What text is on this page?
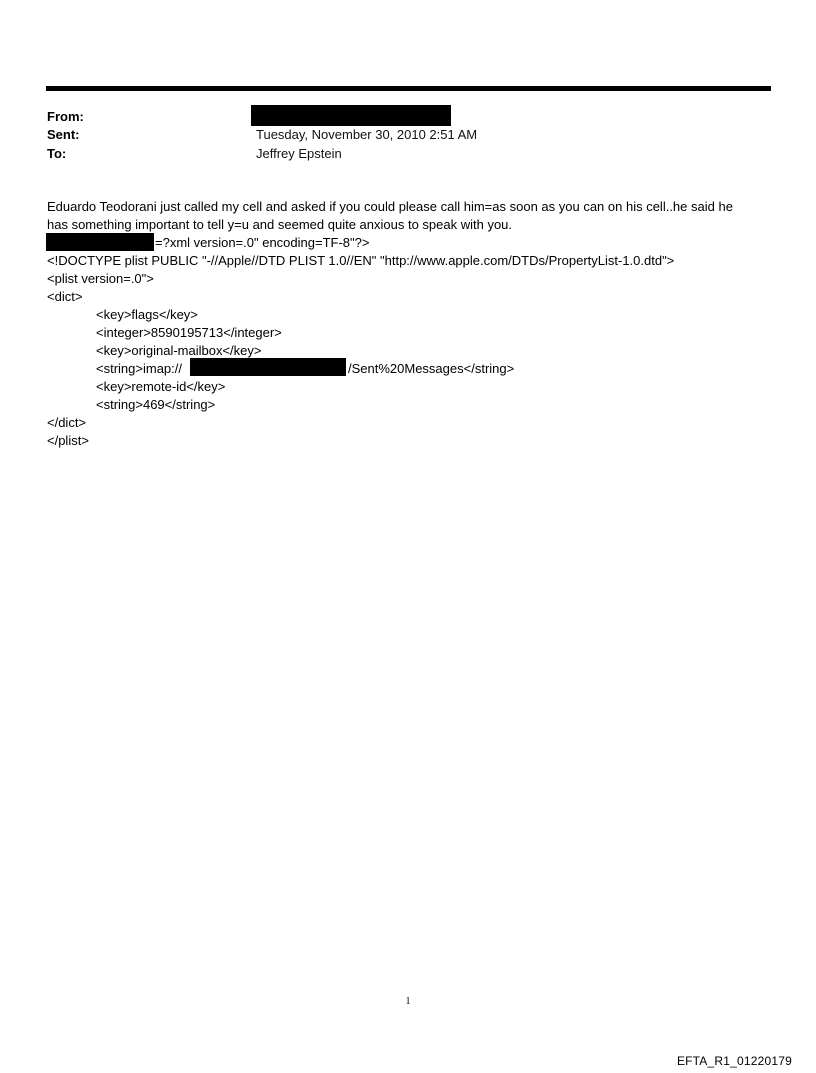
From:
Sent:	Tuesday, November 30, 2010 2:51 AM
To:	Jeffrey Epstein
Eduardo Teodorani just called my cell and asked if you could please call him=as soon as you can on his cell..he said he
has something important to tell y=u and seemed quite anxious to speak with you.
=?xml version=.0" encoding=TF-8"?>
<!DOCTYPE plist PUBLIC "-//Apple//DTD PLIST 1.0//EN" "http://www.apple.com/DTDs/PropertyList-1.0.dtd">
<plist version=.0">
<dict>
<key>flags</key>
<integer>8590195713</integer>
<key>original-mailbox</key>
<string>imap://	/Sent%20Messages</string>
<key>remote-id</key>
<string>469</string>
</dict>
</plist>
1
EFTA_R1_01220179
